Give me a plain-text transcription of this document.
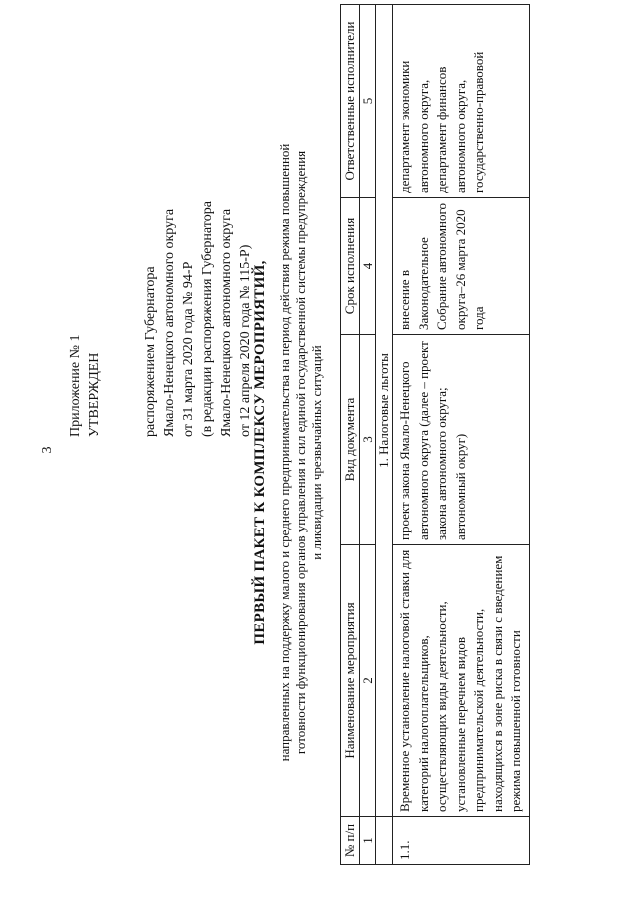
3
Приложение № 1 УТВЕРЖДЕН	распоряжением Губернатора Ямало-Ненецкого автономного округа от 31 марта 2020 года № 94-Р (в редакции распоряжения Губернатора Ямало-Ненецкого автономного округа от 12 апреля 2020 года № 115-Р) ПЕРВЫЙ ПАКЕТ К КОМПЛЕКСУ МЕРОПРИЯТИЙ, направленных на поддержку малого и среднего предпринимательства на период действия режима повышенной готовности функционирования органов управления и сил единой государственной системы предупреждения и ликвидации чрезвычайных ситуаций
№ п/п	Наименование мероприятия	Вид документа	Срок исполнения	Ответственные исполнители
1	2	3	4	5
	1. Налоговые льготы			
1.1.	Временное установление налоговой ставки для категорий налогоплательщиков, осуществляющих виды деятельности, установленные перечнем видов предпринимательской деятельности, находящихся в зоне риска в связи с введением режима повышенной готовности	проект закона Ямало-Ненецкого автономного округа (далее – проект закона автономного округа; автономный округ)	внесение в Законодательное Собрание автономного округа–26 марта 2020 года	департамент экономики автономного округа, департамент финансов автономного округа, государственно-правовой
